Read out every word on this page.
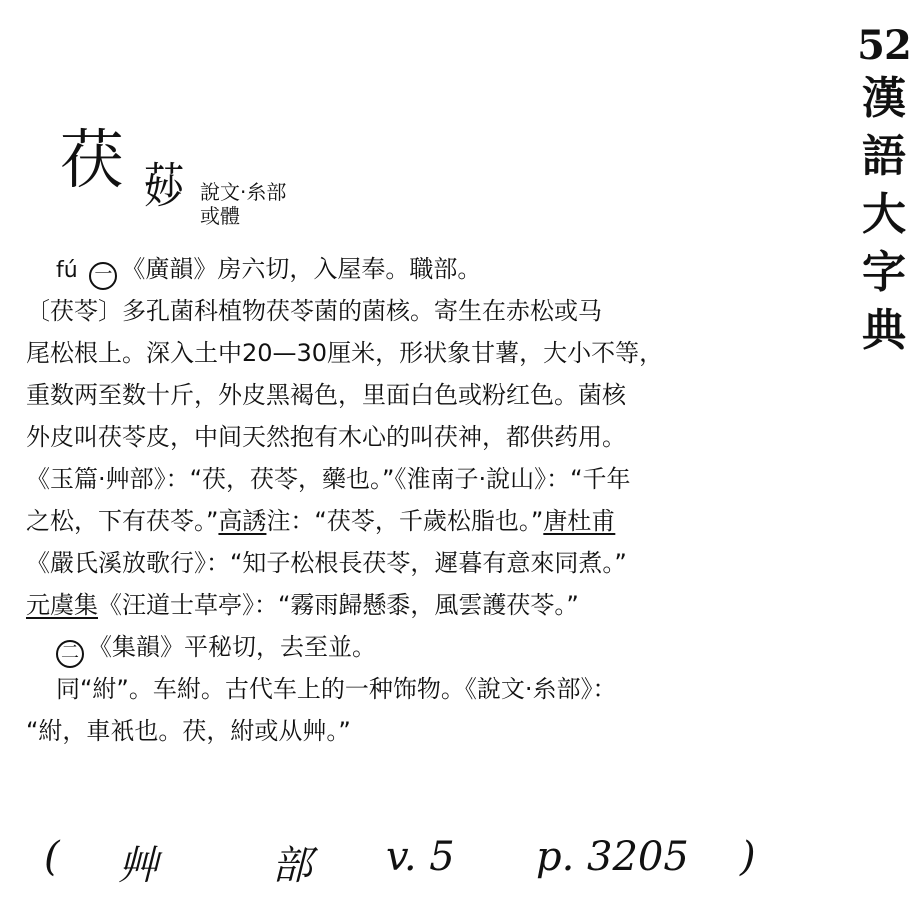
52
漢
語
大
字
典
茯 𦯷 說文·糸部
或體
fú 一 《廣韻》房六切，入屋奉。職部。
〔茯苓〕多孔菌科植物茯苓菌的菌核。寄生在赤松或马
尾松根上。深入土中20—30厘米，形状象甘薯，大小不等，
重数两至数十斤，外皮黑褐色，里面白色或粉红色。菌核
外皮叫茯苓皮，中间天然抱有木心的叫茯神，都供药用。
《玉篇·艸部》：“茯，茯苓，藥也。”《淮南子·說山》：“千年
之松，下有茯苓。”高誘注：“茯苓，千歲松脂也。”唐杜甫
《嚴氏溪放歌行》：“知子松根長茯苓，遲暮有意來同煮。”
元虞集《汪道士草亭》：“霧雨歸懸黍，風雲護茯苓。”
二 《集韻》平秘切，去至並。
同“紨”。车紨。古代车上的一种饰物。《說文·糸部》：
“紨，車衹也。茯，紨或从艸。”
( 艸	部 v. 5 p. 3205 )
